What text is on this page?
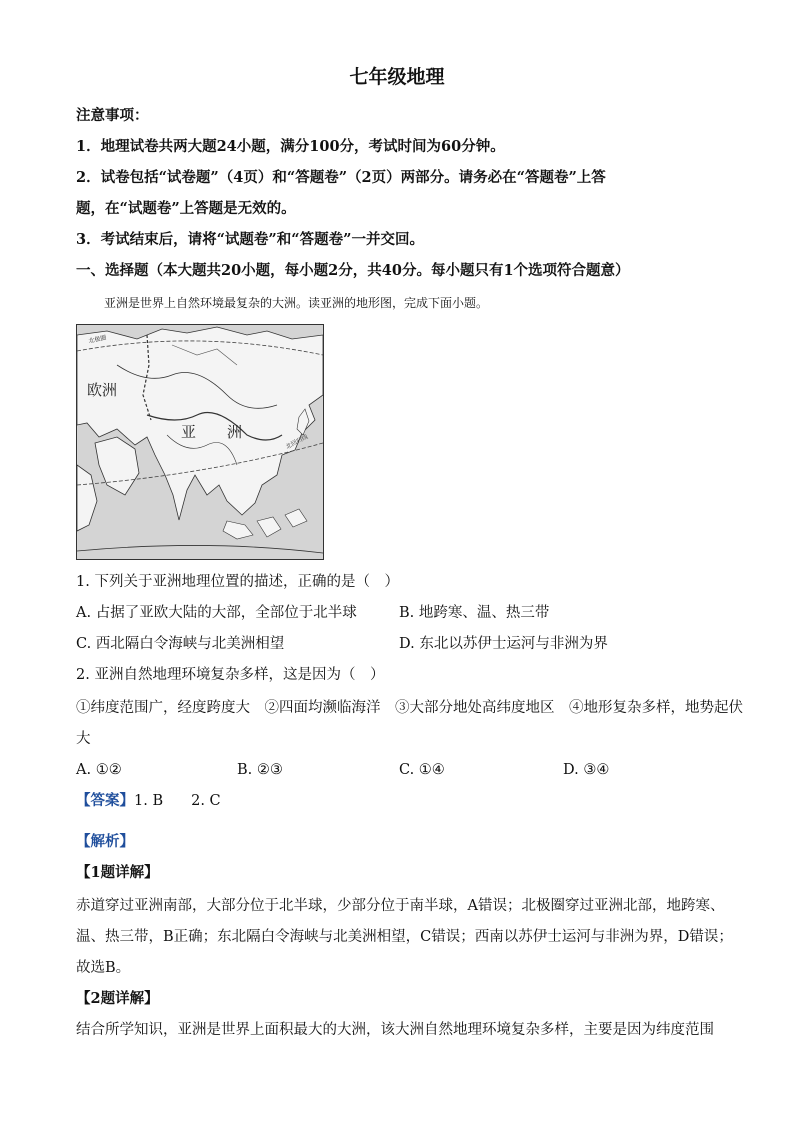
七年级地理
注意事项：
1．地理试卷共两大题24小题，满分100分，考试时间为60分钟。
2．试卷包括“试卷题”（4页）和“答题卷”（2页）两部分。请务必在“答题卷”上答
题，在“试题卷”上答题是无效的。
3．考试结束后，请将“试题卷”和“答题卷”一并交回。
一、选择题（本大题共20小题，每小题2分，共40分。每小题只有1个选项符合题意）
亚洲是世界上自然环境最复杂的大洲。读亚洲的地形图，完成下面小题。
北极圈
欧洲
亚 洲
北回归线
1. 下列关于亚洲地理位置的描述，正确的是（　）
A. 占据了亚欧大陆的大部，全部位于北半球	B. 地跨寒、温、热三带
C. 西北隔白令海峡与北美洲相望	D. 东北以苏伊士运河与非洲为界
2. 亚洲自然地理环境复杂多样，这是因为（　）
①纬度范围广，经度跨度大　②四面均濒临海洋　③大部分地处高纬度地区　④地形复杂多样，地势起伏
大
A. ①②	B. ②③	C. ①④	D. ③④
【答案】1. B 2. C
【解析】
【1题详解】
赤道穿过亚洲南部，大部分位于北半球，少部分位于南半球，A错误；北极圈穿过亚洲北部，地跨寒、
温、热三带，B正确；东北隔白令海峡与北美洲相望，C错误；西南以苏伊士运河与非洲为界，D错误；
故选B。
【2题详解】
结合所学知识，亚洲是世界上面积最大的大洲，该大洲自然地理环境复杂多样，主要是因为纬度范围
